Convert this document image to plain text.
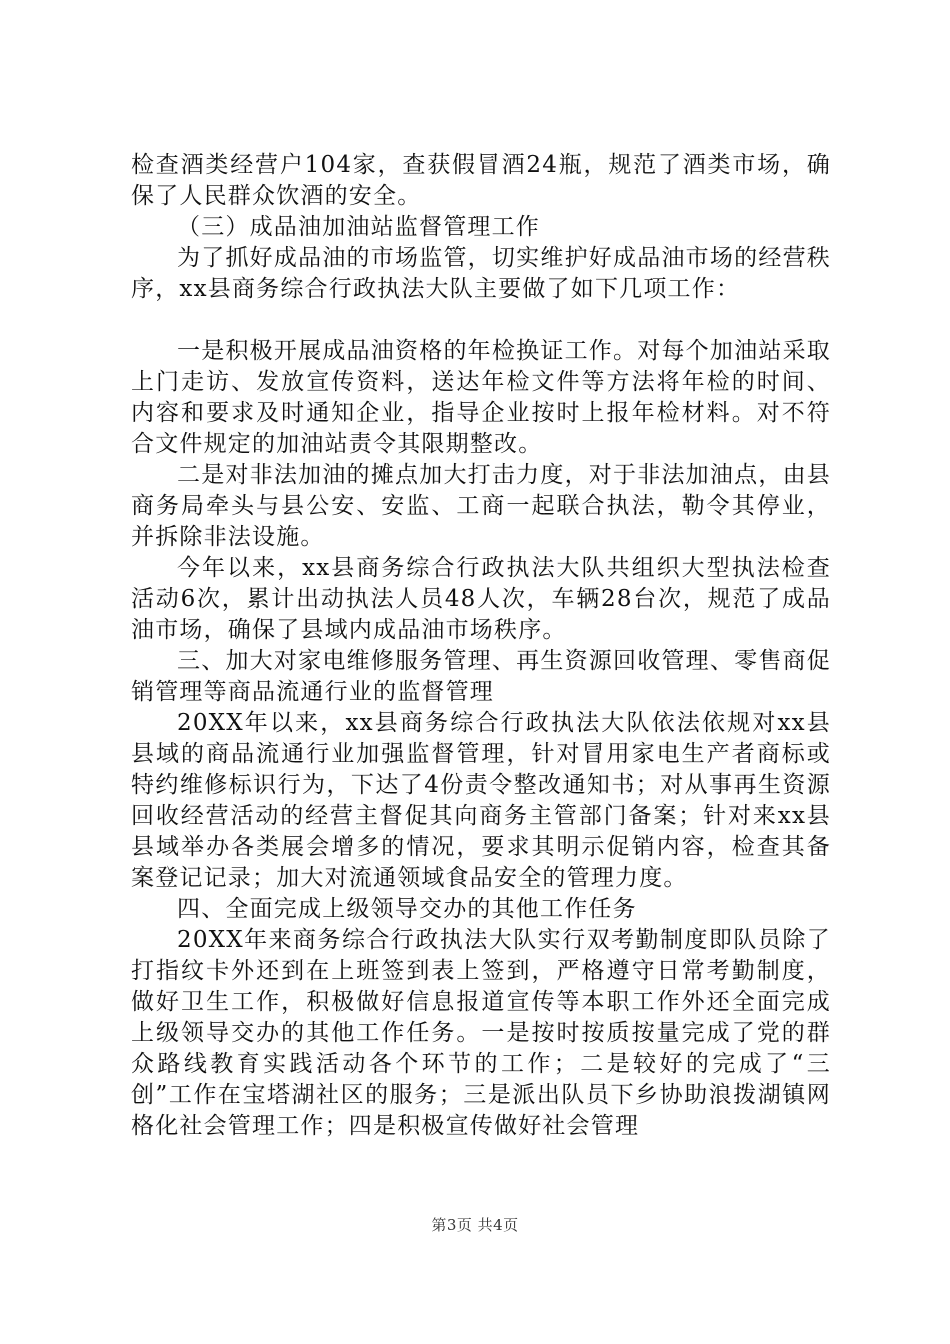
检查酒类经营户104家，查获假冒酒24瓶，规范了酒类市场，确保了人民群众饮酒的安全。

（三）成品油加油站监督管理工作

为了抓好成品油的市场监管，切实维护好成品油市场的经营秩序，xx县商务综合行政执法大队主要做了如下几项工作：

一是积极开展成品油资格的年检换证工作。对每个加油站采取上门走访、发放宣传资料，送达年检文件等方法将年检的时间、内容和要求及时通知企业，指导企业按时上报年检材料。对不符合文件规定的加油站责令其限期整改。

二是对非法加油的摊点加大打击力度，对于非法加油点，由县商务局牵头与县公安、安监、工商一起联合执法，勒令其停业，并拆除非法设施。

今年以来，xx县商务综合行政执法大队共组织大型执法检查活动6次，累计出动执法人员48人次，车辆28台次，规范了成品油市场，确保了县域内成品油市场秩序。

三、加大对家电维修服务管理、再生资源回收管理、零售商促销管理等商品流通行业的监督管理

20XX年以来，xx县商务综合行政执法大队依法依规对xx县县域的商品流通行业加强监督管理，针对冒用家电生产者商标或特约维修标识行为，下达了4份责令整改通知书；对从事再生资源回收经营活动的经营主督促其向商务主管部门备案；针对来xx县县域举办各类展会增多的情况，要求其明示促销内容，检查其备案登记记录；加大对流通领域食品安全的管理力度。

四、全面完成上级领导交办的其他工作任务

20XX年来商务综合行政执法大队实行双考勤制度即队员除了打指纹卡外还到在上班签到表上签到，严格遵守日常考勤制度，做好卫生工作，积极做好信息报道宣传等本职工作外还全面完成上级领导交办的其他工作任务。一是按时按质按量完成了党的群众路线教育实践活动各个环节的工作；二是较好的完成了“三创”工作在宝塔湖社区的服务；三是派出队员下乡协助浪拨湖镇网格化社会管理工作；四是积极宣传做好社会管理

第3页 共4页
